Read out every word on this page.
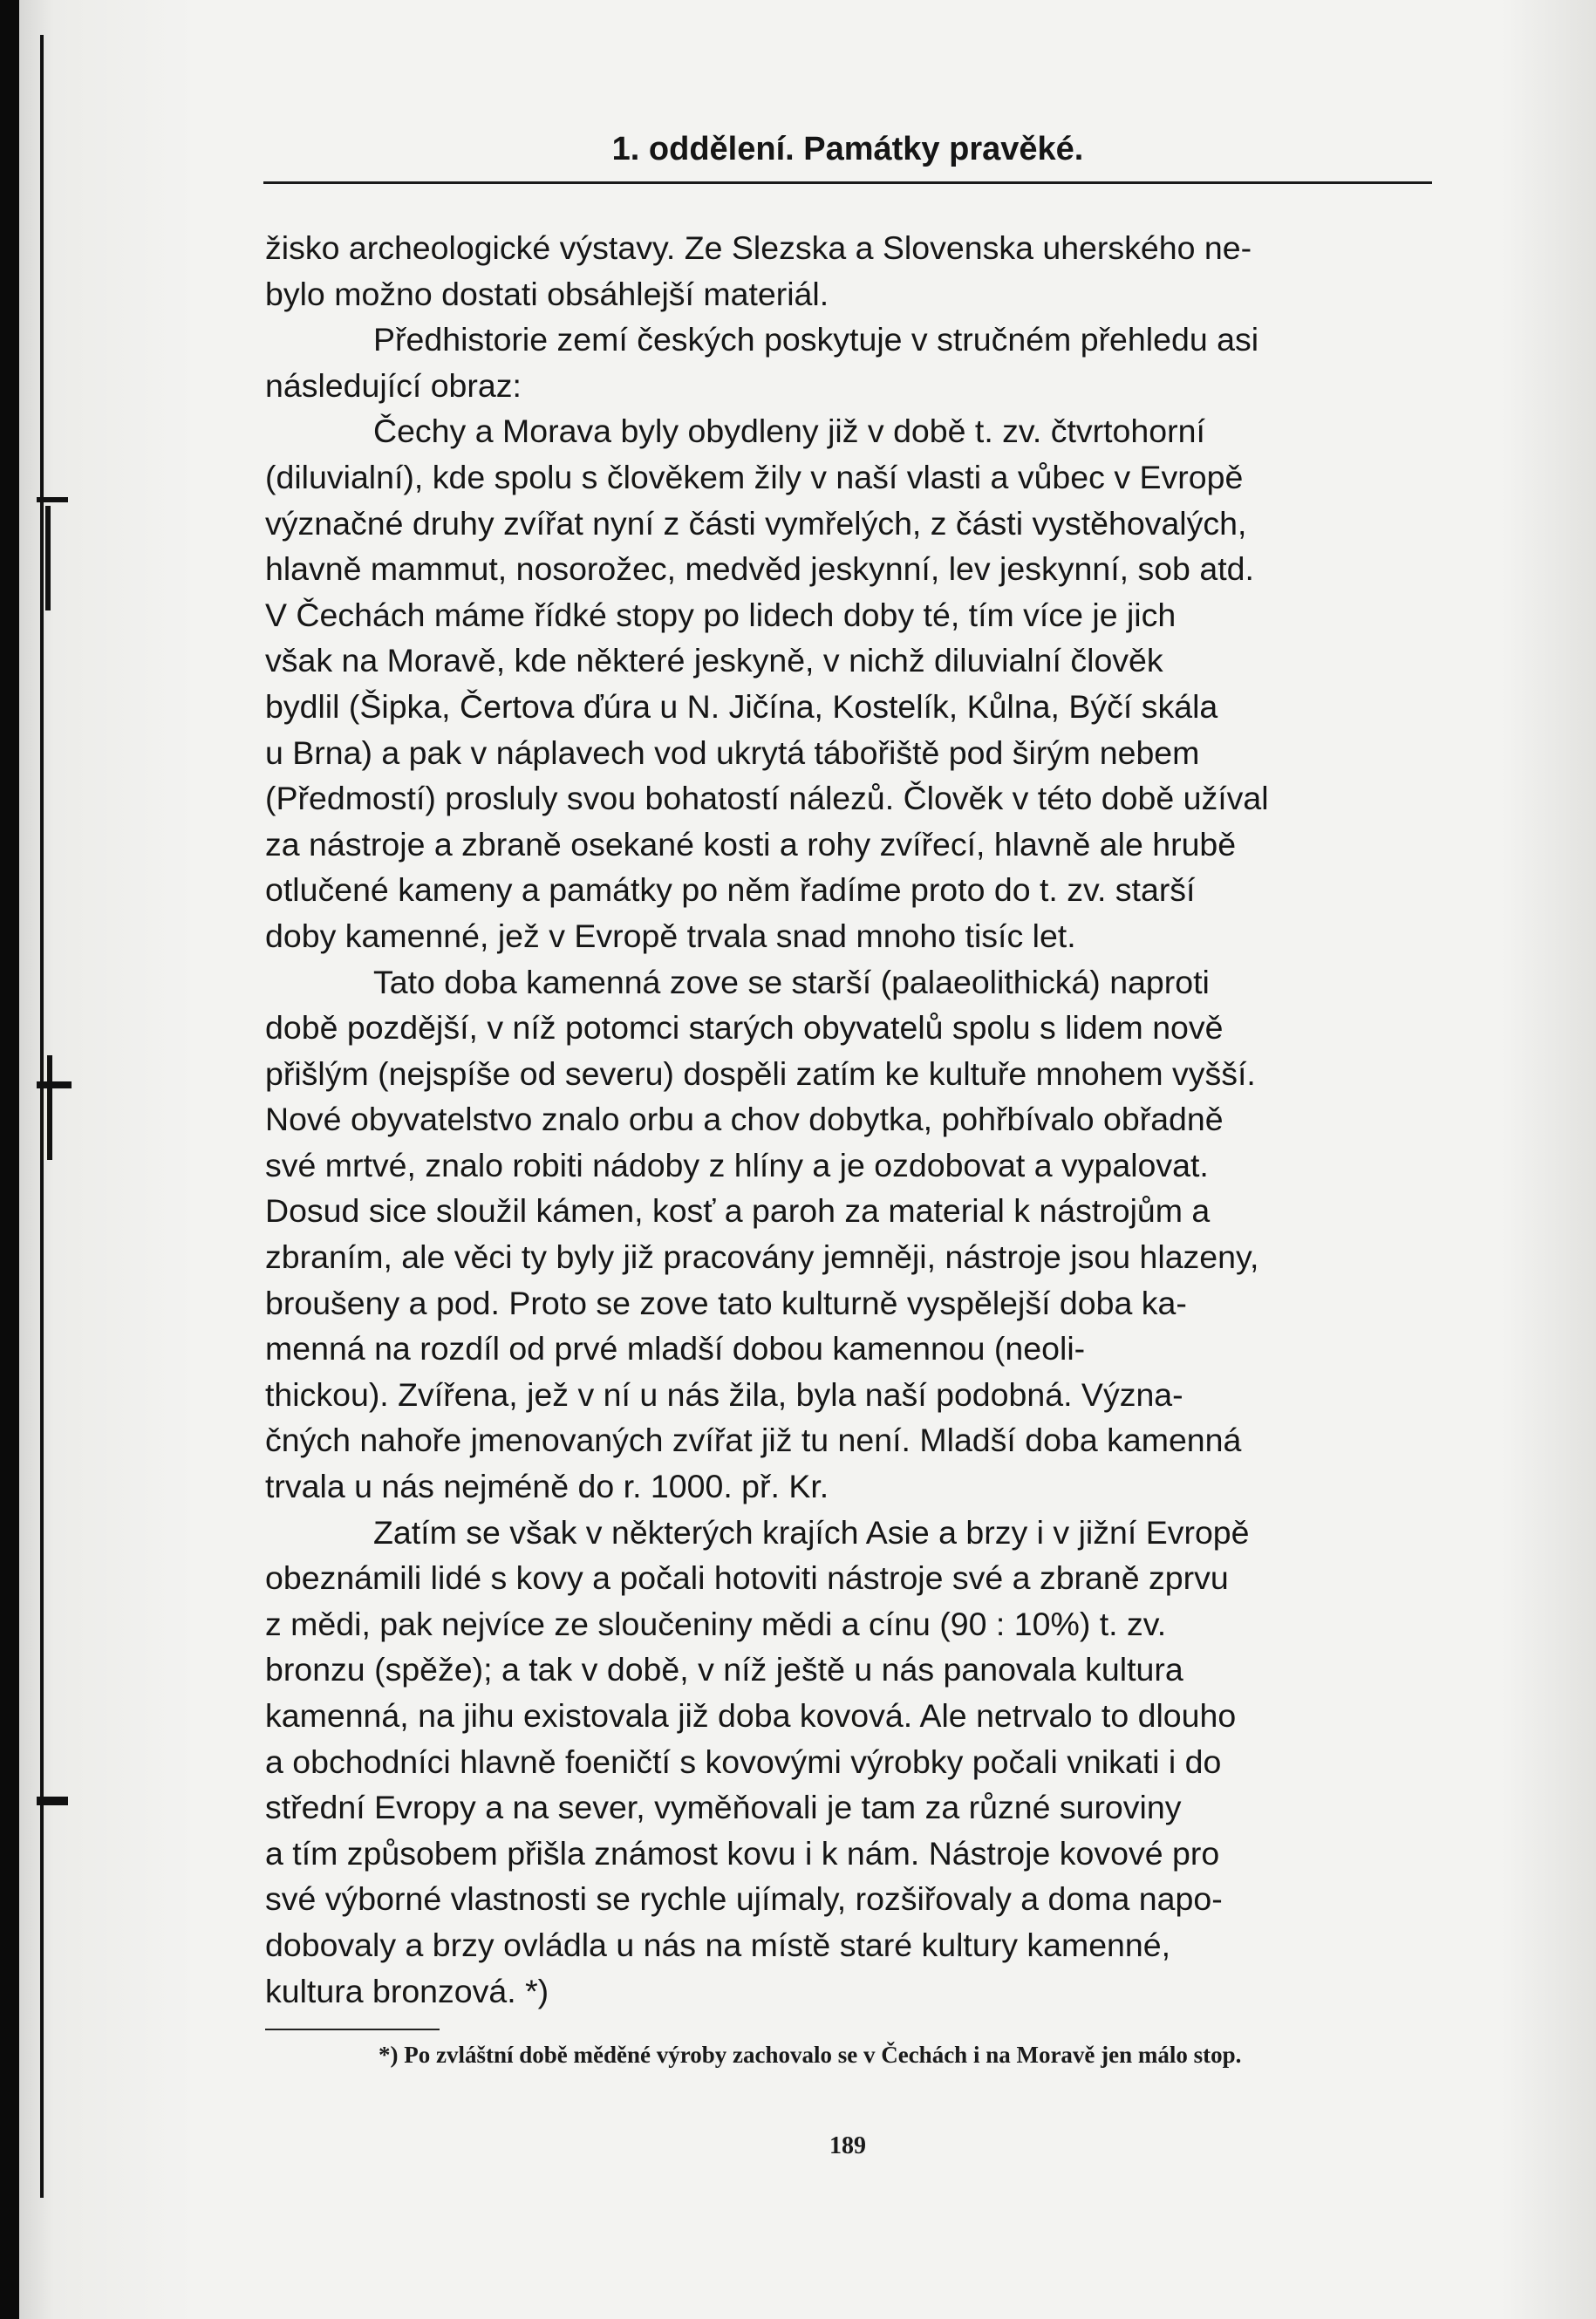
1. oddělení. Památky pravěké.

žisko archeologické výstavy. Ze Slezska a Slovenska uherského ne-
bylo možno dostati obsáhlejší materiál.

Předhistorie zemí českých poskytuje v stručném přehledu asi
následující obraz:

Čechy a Morava byly obydleny již v době t. zv. čtvrtohorní
(diluvialní), kde spolu s člověkem žily v naší vlasti a vůbec v Evropě
význačné druhy zvířat nyní z části vymřelých, z části vystěhovalých,
hlavně mammut, nosorožec, medvěd jeskynní, lev jeskynní, sob atd.
V Čechách máme řídké stopy po lidech doby té, tím více je jich
však na Moravě, kde některé jeskyně, v nichž diluvialní člověk
bydlil (Šipka, Čertova ďúra u N. Jičína, Kostelík, Kůlna, Býčí skála
u Brna) a pak v náplavech vod ukrytá tábořiště pod širým nebem
(Předmostí) prosluly svou bohatostí nálezů. Člověk v této době užíval
za nástroje a zbraně osekané kosti a rohy zvířecí, hlavně ale hrubě
otlučené kameny a památky po něm řadíme proto do t. zv. starší
doby kamenné, jež v Evropě trvala snad mnoho tisíc let.

Tato doba kamenná zove se starší (palaeolithická) naproti
době pozdější, v níž potomci starých obyvatelů spolu s lidem nově
přišlým (nejspíše od severu) dospěli zatím ke kultuře mnohem vyšší.
Nové obyvatelstvo znalo orbu a chov dobytka, pohřbívalo obřadně
své mrtvé, znalo robiti nádoby z hlíny a je ozdobovat a vypalovat.
Dosud sice sloužil kámen, kosť a paroh za material k nástrojům a
zbraním, ale věci ty byly již pracovány jemněji, nástroje jsou hlazeny,
broušeny a pod. Proto se zove tato kulturně vyspělejší doba ka-
menná na rozdíl od prvé mladší dobou kamennou (neoli-
thickou). Zvířena, jež v ní u nás žila, byla naší podobná. Význa-
čných nahoře jmenovaných zvířat již tu není. Mladší doba kamenná
trvala u nás nejméně do r. 1000. př. Kr.

Zatím se však v některých krajích Asie a brzy i v jižní Evropě
obeznámili lidé s kovy a počali hotoviti nástroje své a zbraně zprvu
z mědi, pak nejvíce ze sloučeniny mědi a cínu (90 : 10%) t. zv.
bronzu (spěže); a tak v době, v níž ještě u nás panovala kultura
kamenná, na jihu existovala již doba kovová. Ale netrvalo to dlouho
a obchodníci hlavně foeničtí s kovovými výrobky počali vnikati i do
střední Evropy a na sever, vyměňovali je tam za různé suroviny
a tím způsobem přišla známost kovu i k nám. Nástroje kovové pro
své výborné vlastnosti se rychle ujímaly, rozšiřovaly a doma napo-
dobovaly a brzy ovládla u nás na místě staré kultury kamenné,
kultura bronzová. *)

*) Po zvláštní době měděné výroby zachovalo se v Čechách i na Moravě jen málo stop.
189
